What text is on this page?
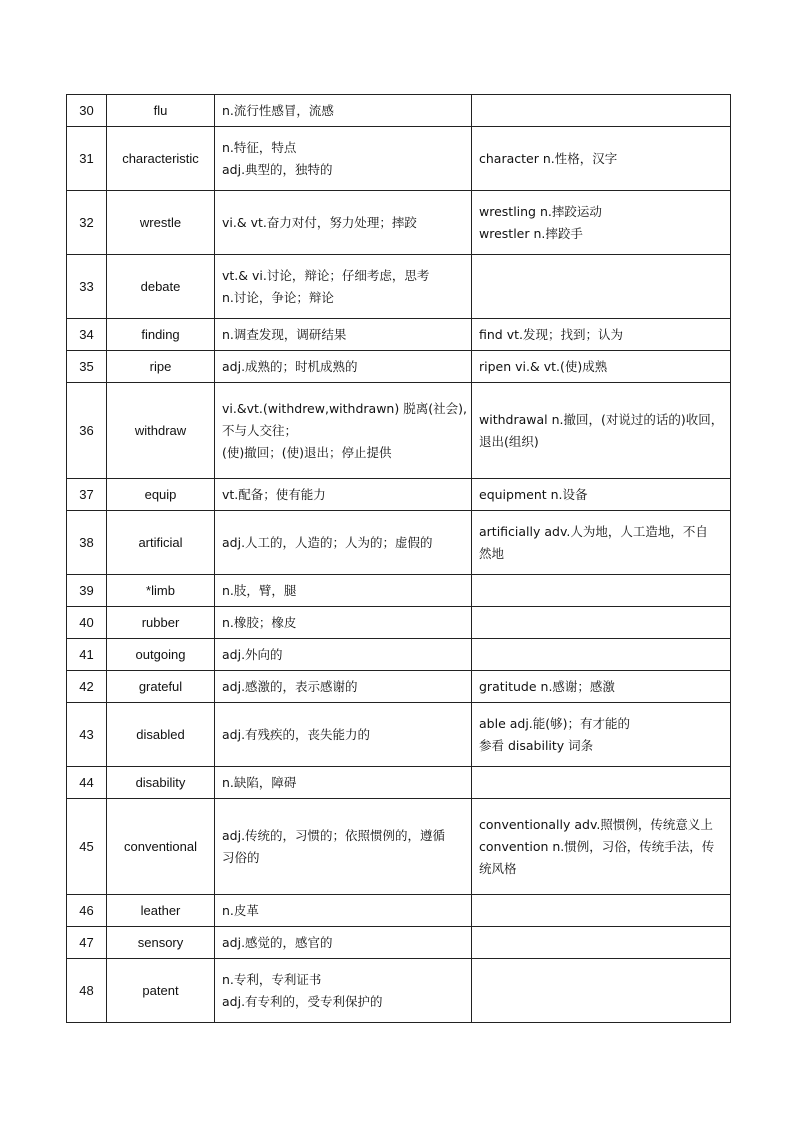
30	flu	n.流行性感冒，流感	

31	characteristic	n.特征，特点
adj.典型的，独特的	character n.性格，汉字

32	wrestle	vi.& vt.奋力对付，努力处理；摔跤	wrestling n.摔跤运动
wrestler n.摔跤手

33	debate	vt.& vi.讨论，辩论；仔细考虑，思考
n.讨论，争论；辩论	

34	finding	n.调查发现，调研结果	find vt.发现；找到；认为

35	ripe	adj.成熟的；时机成熟的	ripen vi.& vt.(使)成熟

36	withdraw	vi.&vt.(withdrew,withdrawn) 脱离(社会),
不与人交往；
(使)撤回；(使)退出；停止提供	withdrawal n.撤回，(对说过的话的)收回，
退出(组织)

37	equip	vt.配备；使有能力	equipment n.设备

38	artificial	adj.人工的，人造的；人为的；虚假的	artificially adv.人为地，人工造地，不自
然地

39	*limb	n.肢，臂，腿	

40	rubber	n.橡胶；橡皮	

41	outgoing	adj.外向的	

42	grateful	adj.感激的，表示感谢的	gratitude n.感谢；感激

43	disabled	adj.有残疾的，丧失能力的	able adj.能(够)；有才能的
参看 disability 词条

44	disability	n.缺陷，障碍	

45	conventional	adj.传统的，习惯的；依照惯例的，遵循
习俗的	conventionally adv.照惯例，传统意义上
convention n.惯例，习俗，传统手法，传
统风格

46	leather	n.皮革	

47	sensory	adj.感觉的，感官的	

48	patent	n.专利，专利证书
adj.有专利的，受专利保护的	
